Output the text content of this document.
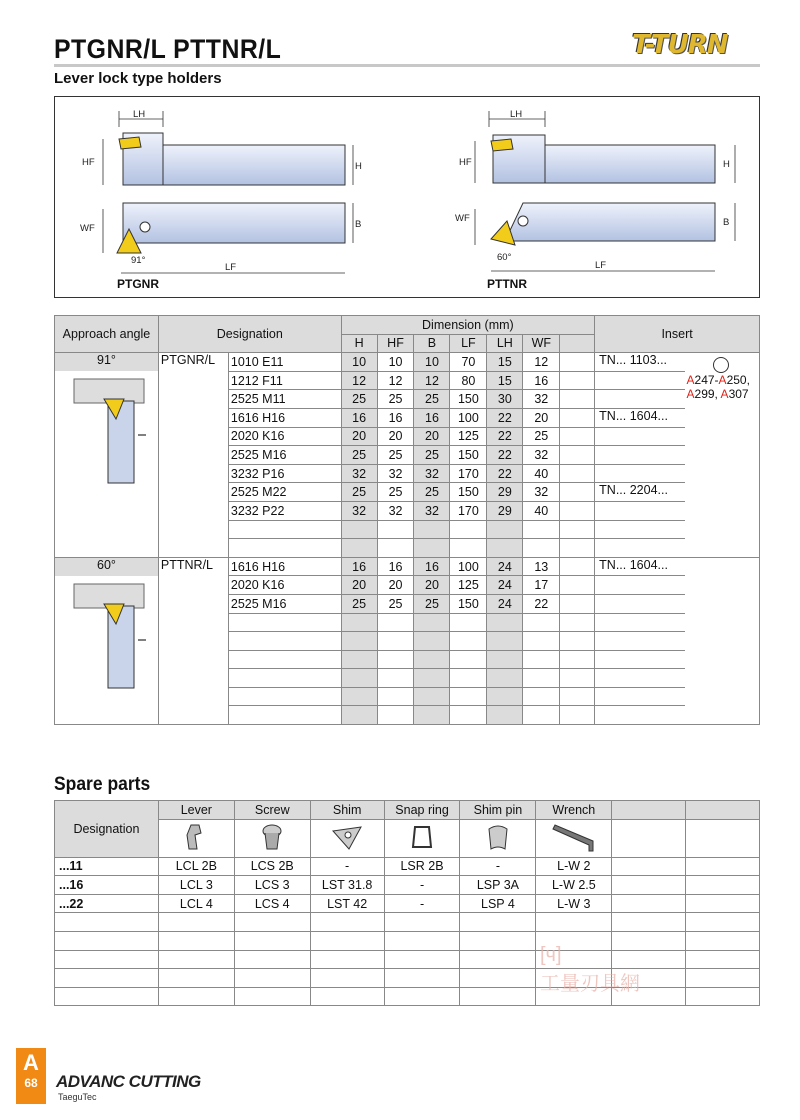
PTGNR/L PTTNR/L	T-TURN
Lever lock type holders
LH
HF	H
WF	B
LF
91°
LH
HF	H
WF	B
LF
60°
PTGNR	PTTNR
Approach angle	Designation		Dimension (mm)							Insert	
			H	HF	B	LF	LH	WF			

91°	PTGNR/L	1010 E11	10	10	10	70	15	12		TN... 1103...	A247-A250,
A299, A307

		1212 F11	12	12	12	80	15	16			
		2525 M11	25	25	25	150	30	32			
		1616 H16	16	16	16	100	22	20		TN... 1604...	
		2020 K16	20	20	20	125	22	25			
		2525 M16	25	25	25	150	22	32			
		3232 P16	32	32	32	170	22	40			
		2525 M22	25	25	25	150	29	32		TN... 2204...	
		3232 P22	32	32	32	170	29	40			

60°	PTTNR/L	1616 H16	16	16	16	100	24	13		TN... 1604...	
		2020 K16	20	20	20	125	24	17			
		2525 M16	25	25	25	150	24	22			

Spare parts
Designation	Lever	Screw	Shim	Snap ring	Shim pin	Wrench		

...11	LCL 2B	LCS 2B	-	LSR 2B	-	L-W 2		
...16	LCL 3	LCS 3	LST 31.8	-	LSP 3A	L-W 2.5		
...22	LCL 4	LCS 4	LST 42	-	LSP 4	L-W 3		

[ч]
工量刃具網
A
68	ADVANC CUTTING
TaeguTec
